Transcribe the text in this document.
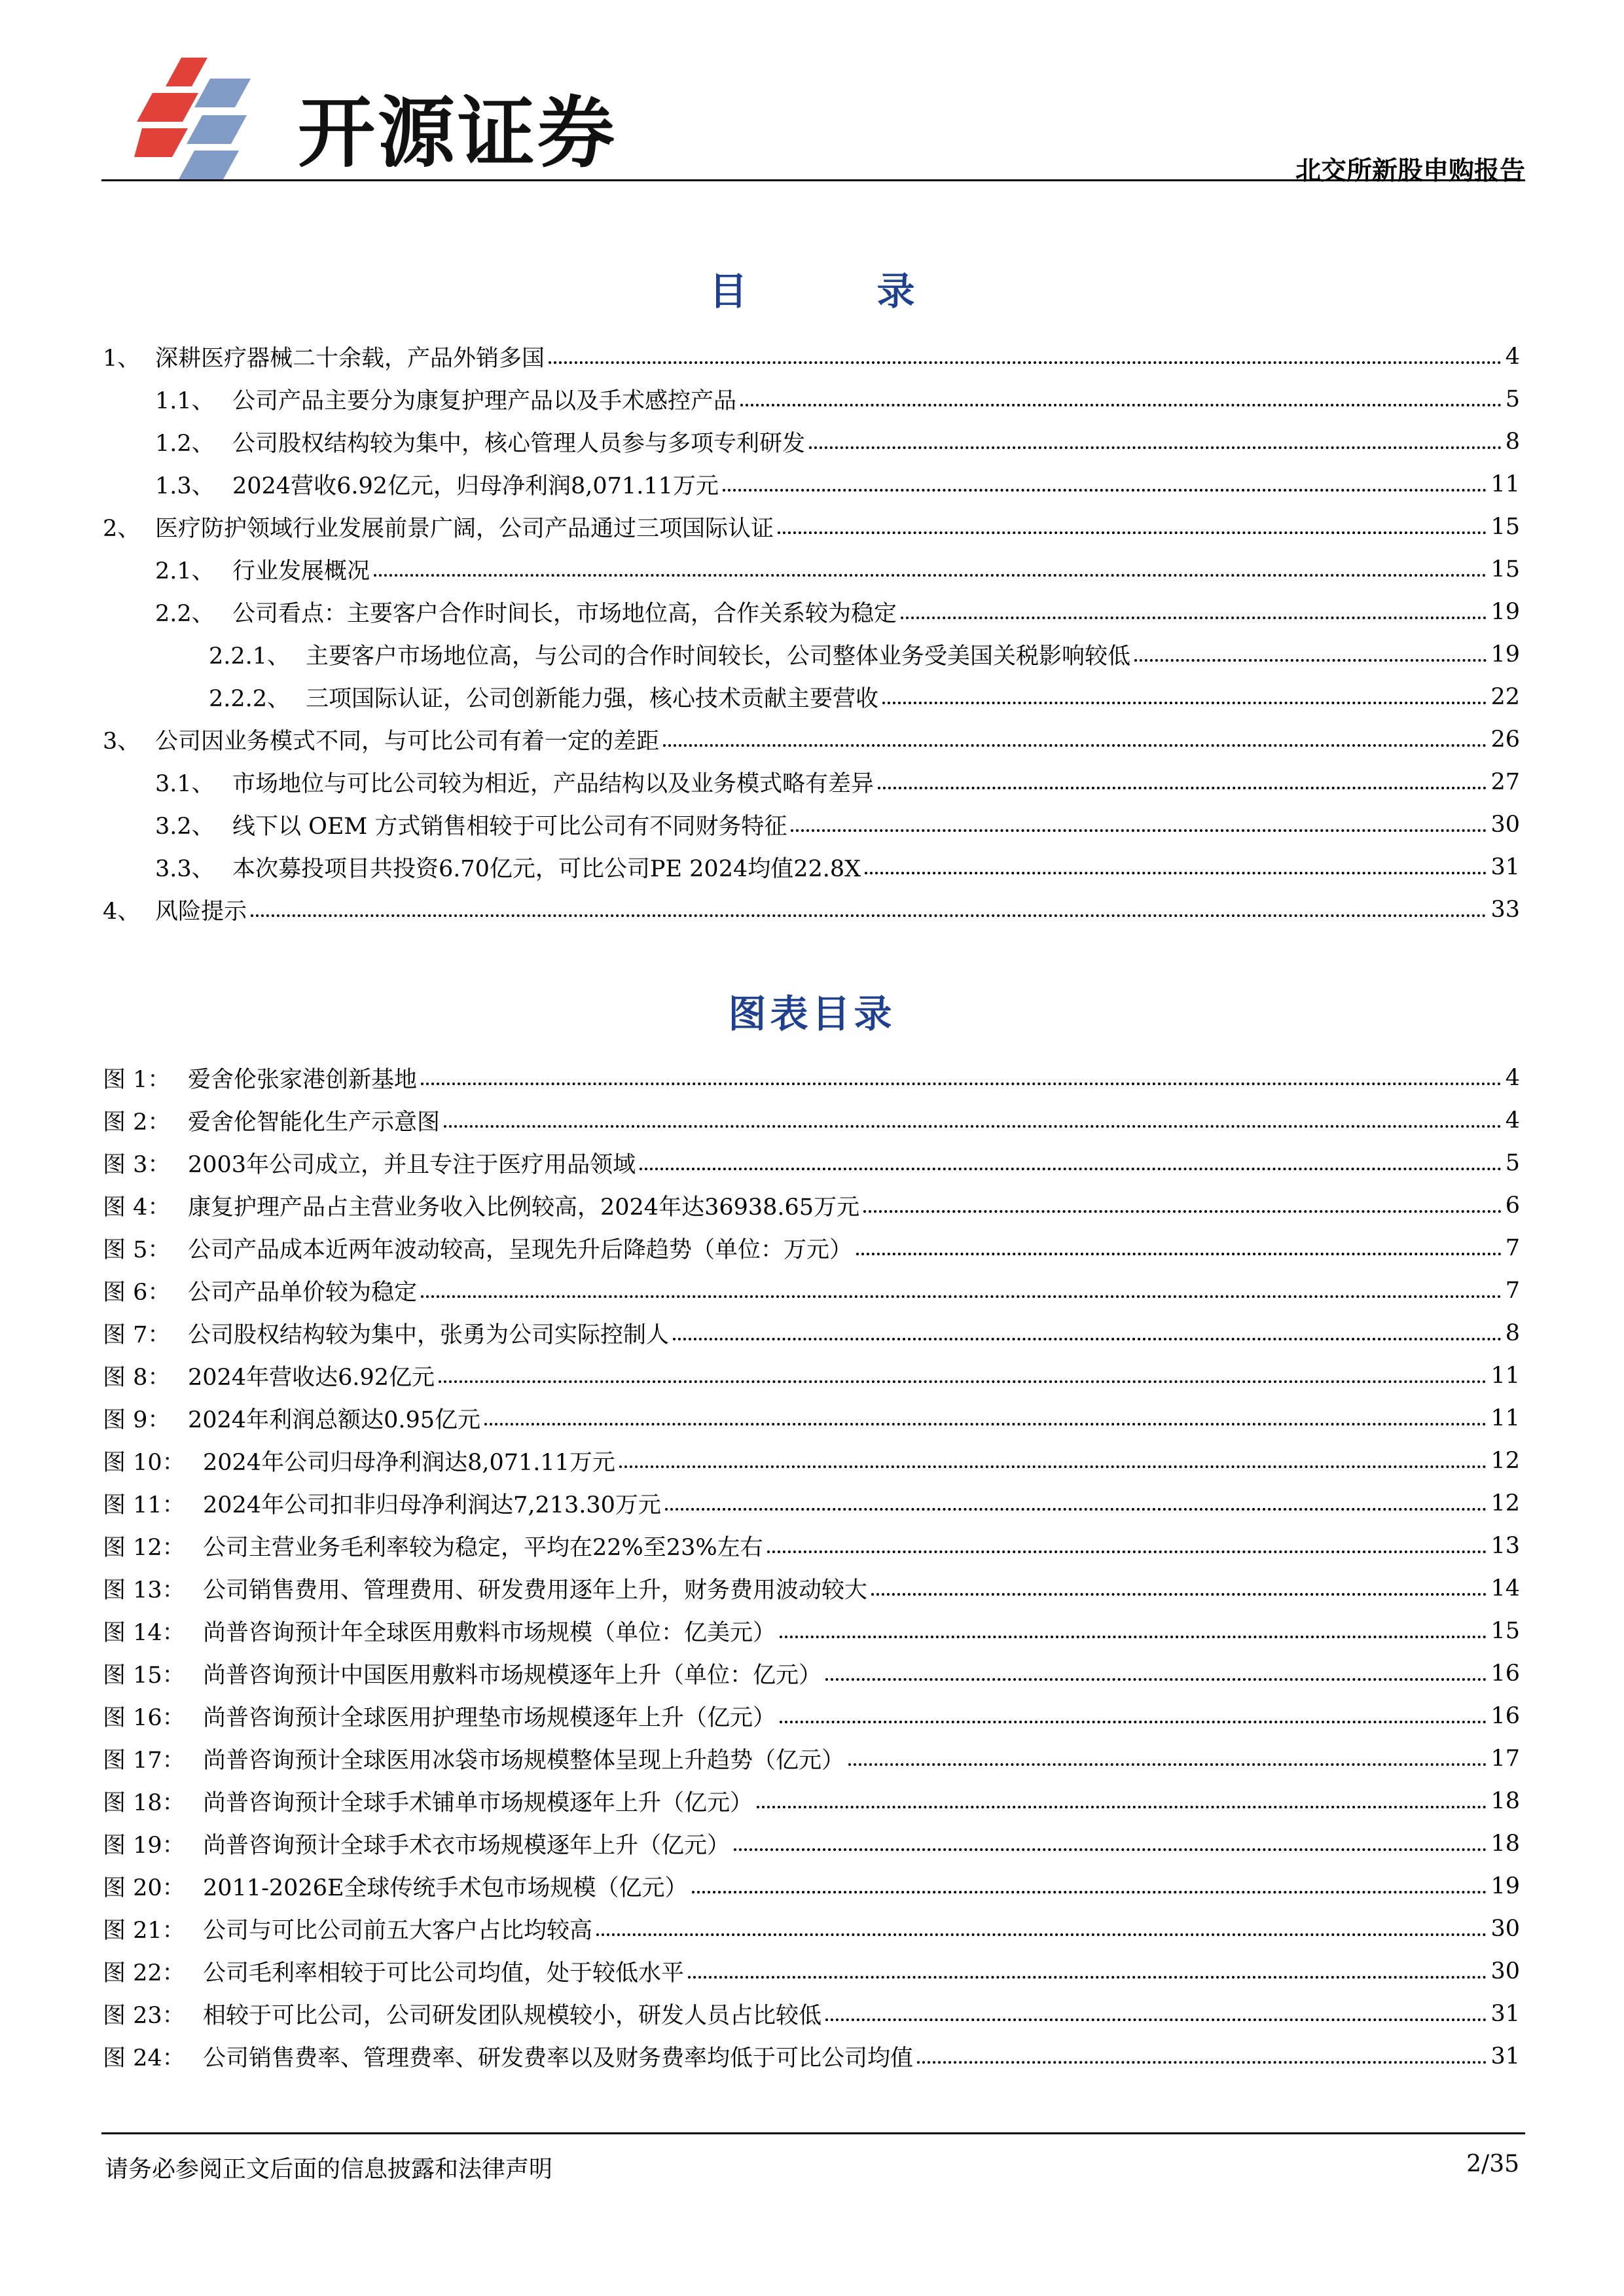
开源证券	北交所新股申购报告
目　录
1、 深耕医疗器械二十余载，产品外销多国	4
1.1、 公司产品主要分为康复护理产品以及手术感控产品	5
1.2、 公司股权结构较为集中，核心管理人员参与多项专利研发	8
1.3、 2024营收6.92亿元，归母净利润8,071.11万元	11
2、 医疗防护领域行业发展前景广阔，公司产品通过三项国际认证	15
2.1、 行业发展概况	15
2.2、 公司看点：主要客户合作时间长，市场地位高，合作关系较为稳定	19
2.2.1、 主要客户市场地位高，与公司的合作时间较长，公司整体业务受美国关税影响较低	19
2.2.2、 三项国际认证，公司创新能力强，核心技术贡献主要营收	22
3、 公司因业务模式不同，与可比公司有着一定的差距	26
3.1、 市场地位与可比公司较为相近，产品结构以及业务模式略有差异	27
3.2、 线下以 OEM 方式销售相较于可比公司有不同财务特征	30
3.3、 本次募投项目共投资6.70亿元，可比公司PE 2024均值22.8X	31
4、 风险提示	33
图表目录
图 1： 爱舍伦张家港创新基地	4
图 2： 爱舍伦智能化生产示意图	4
图 3： 2003年公司成立，并且专注于医疗用品领域	5
图 4： 康复护理产品占主营业务收入比例较高，2024年达36938.65万元	6
图 5： 公司产品成本近两年波动较高，呈现先升后降趋势（单位：万元）	7
图 6： 公司产品单价较为稳定	7
图 7： 公司股权结构较为集中，张勇为公司实际控制人	8
图 8： 2024年营收达6.92亿元	11
图 9： 2024年利润总额达0.95亿元	11
图 10： 2024年公司归母净利润达8,071.11万元	12
图 11： 2024年公司扣非归母净利润达7,213.30万元	12
图 12： 公司主营业务毛利率较为稳定，平均在22%至23%左右	13
图 13： 公司销售费用、管理费用、研发费用逐年上升，财务费用波动较大	14
图 14： 尚普咨询预计年全球医用敷料市场规模（单位：亿美元）	15
图 15： 尚普咨询预计中国医用敷料市场规模逐年上升（单位：亿元）	16
图 16： 尚普咨询预计全球医用护理垫市场规模逐年上升（亿元）	16
图 17： 尚普咨询预计全球医用冰袋市场规模整体呈现上升趋势（亿元）	17
图 18： 尚普咨询预计全球手术铺单市场规模逐年上升（亿元）	18
图 19： 尚普咨询预计全球手术衣市场规模逐年上升（亿元）	18
图 20： 2011-2026E全球传统手术包市场规模（亿元）	19
图 21： 公司与可比公司前五大客户占比均较高	30
图 22： 公司毛利率相较于可比公司均值，处于较低水平	30
图 23： 相较于可比公司，公司研发团队规模较小，研发人员占比较低	31
图 24： 公司销售费率、管理费率、研发费率以及财务费率均低于可比公司均值	31
请务必参阅正文后面的信息披露和法律声明	2/35
